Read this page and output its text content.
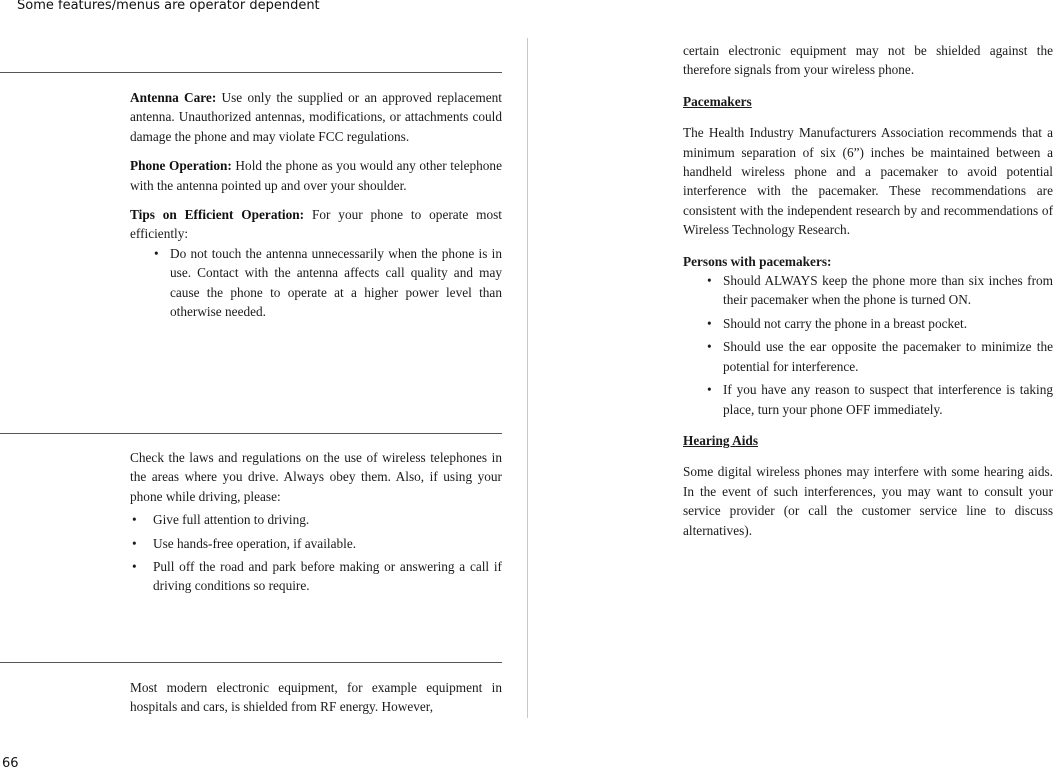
Some features/menus are operator dependent

Antenna Care: Use only the supplied or an approved replacement antenna. Unauthorized antennas, modifications, or attachments could damage the phone and may violate FCC regulations.

Phone Operation: Hold the phone as you would any other telephone with the antenna pointed up and over your shoulder.

Tips on Efficient Operation: For your phone to operate most efficiently:

• Do not touch the antenna unnecessarily when the phone is in use. Contact with the antenna affects call quality and may cause the phone to operate at a higher power level than otherwise needed.

Check the laws and regulations on the use of wireless telephones in the areas where you drive. Always obey them. Also, if using your phone while driving, please:

• Give full attention to driving.
• Use hands-free operation, if available.
• Pull off the road and park before making or answering a call if driving conditions so require.

Most modern electronic equipment, for example equipment in hospitals and cars, is shielded from RF energy. However,

certain electronic equipment may not be shielded against the therefore signals from your wireless phone.

Pacemakers

The Health Industry Manufacturers Association recommends that a minimum separation of six (6”) inches be maintained between a handheld wireless phone and a pacemaker to avoid potential interference with the pacemaker. These recommendations are consistent with the independent research by and recommendations of Wireless Technology Research.

Persons with pacemakers:
• Should ALWAYS keep the phone more than six inches from their pacemaker when the phone is turned ON.
• Should not carry the phone in a breast pocket.
• Should use the ear opposite the pacemaker to minimize the potential for interference.
• If you have any reason to suspect that interference is taking place, turn your phone OFF immediately.
Hearing Aids

Some digital wireless phones may interfere with some hearing aids. In the event of such interferences, you may want to consult your service provider (or call the customer service line to discuss alternatives).

66
